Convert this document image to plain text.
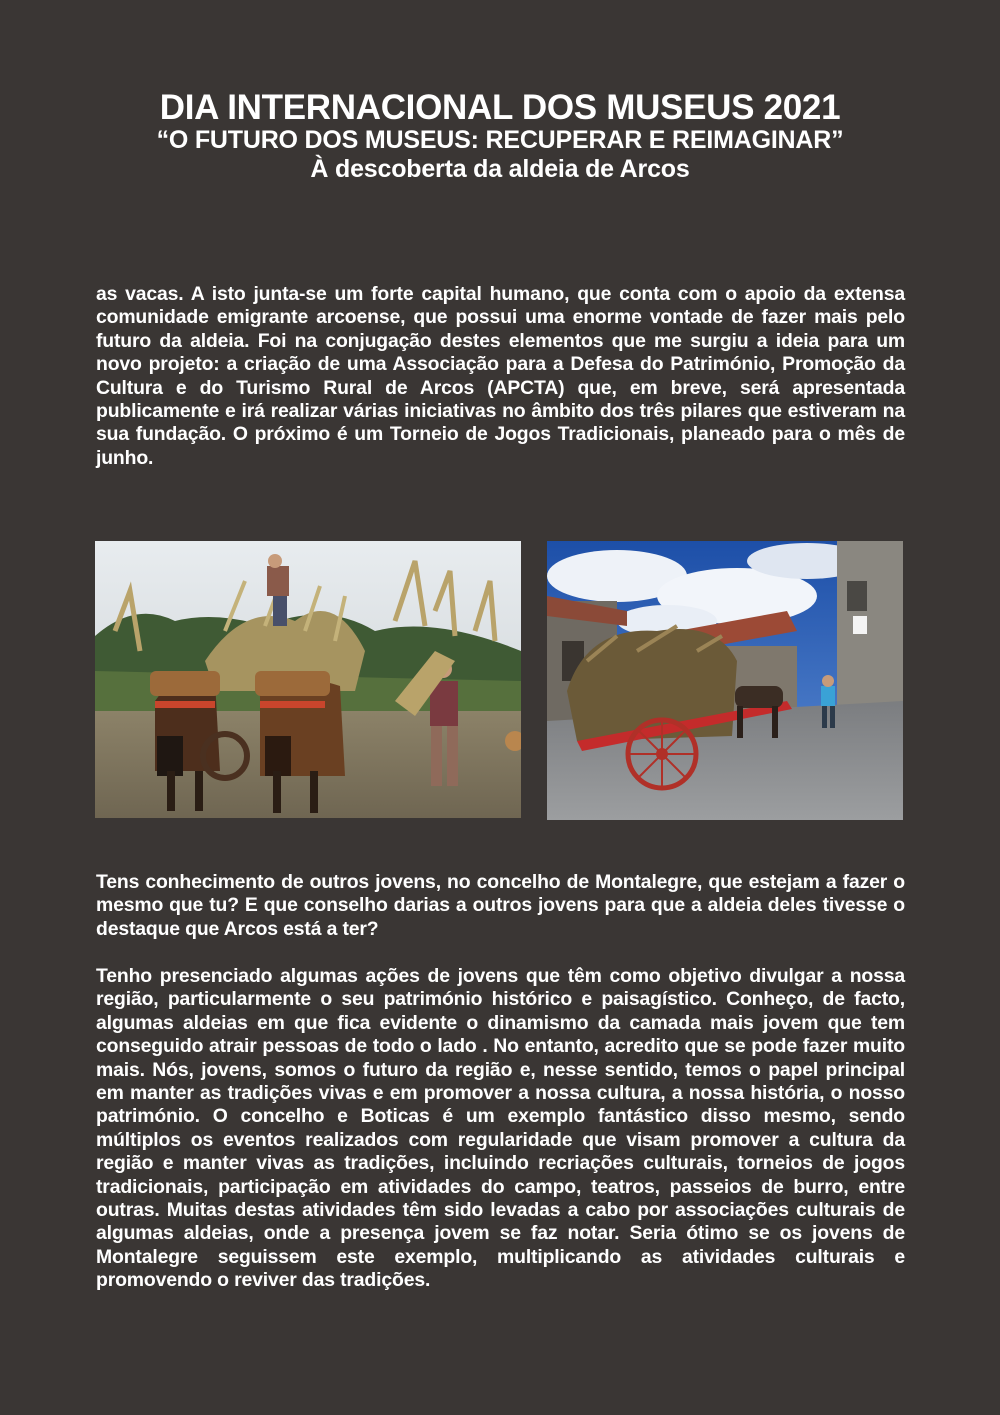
DIA INTERNACIONAL DOS MUSEUS 2021
“O FUTURO DOS MUSEUS: RECUPERAR E REIMAGINAR”
À descoberta da aldeia de Arcos

as vacas. A isto junta-se um forte capital humano, que conta com o apoio da extensa comunidade emigrante arcoense, que possui uma enorme vontade de fazer mais pelo futuro da aldeia. Foi na conjugação destes elementos que me surgiu a ideia para um novo projeto: a criação de uma Associação para a Defesa do Património, Promoção da Cultura e do Turismo Rural de Arcos (APCTA) que, em breve, será apresentada publicamente e irá realizar várias iniciativas no âmbito dos três pilares que estiveram na sua fundação. O próximo é um Torneio de Jogos Tradicionais, planeado para o mês de junho.

Tens conhecimento de outros jovens, no concelho de Montalegre, que estejam a fazer o mesmo que tu? E que conselho darias a outros jovens para que a aldeia deles tivesse o destaque que Arcos está a ter?

Tenho presenciado algumas ações de jovens que têm como objetivo divulgar a nossa região, particularmente o seu património histórico e paisagístico. Conheço, de facto, algumas aldeias em que fica evidente o dinamismo da camada mais jovem que tem conseguido atrair pessoas de todo o lado . No entanto, acredito que se pode fazer muito mais. Nós, jovens, somos o futuro da região e, nesse sentido, temos o papel principal em manter as tradições vivas e em promover a nossa cultura, a nossa história, o nosso património. O concelho e Boticas é um exemplo fantástico disso mesmo, sendo múltiplos os eventos realizados com regularidade que visam promover a cultura da região e manter vivas as tradições, incluindo recriações culturais, torneios de jogos tradicionais, participação em atividades do campo, teatros, passeios de burro, entre outras. Muitas destas atividades têm sido levadas a cabo por associações culturais de algumas aldeias, onde a presença jovem se faz notar. Seria ótimo se os jovens de Montalegre seguissem este exemplo, multiplicando as atividades culturais e promovendo o reviver das tradições.
